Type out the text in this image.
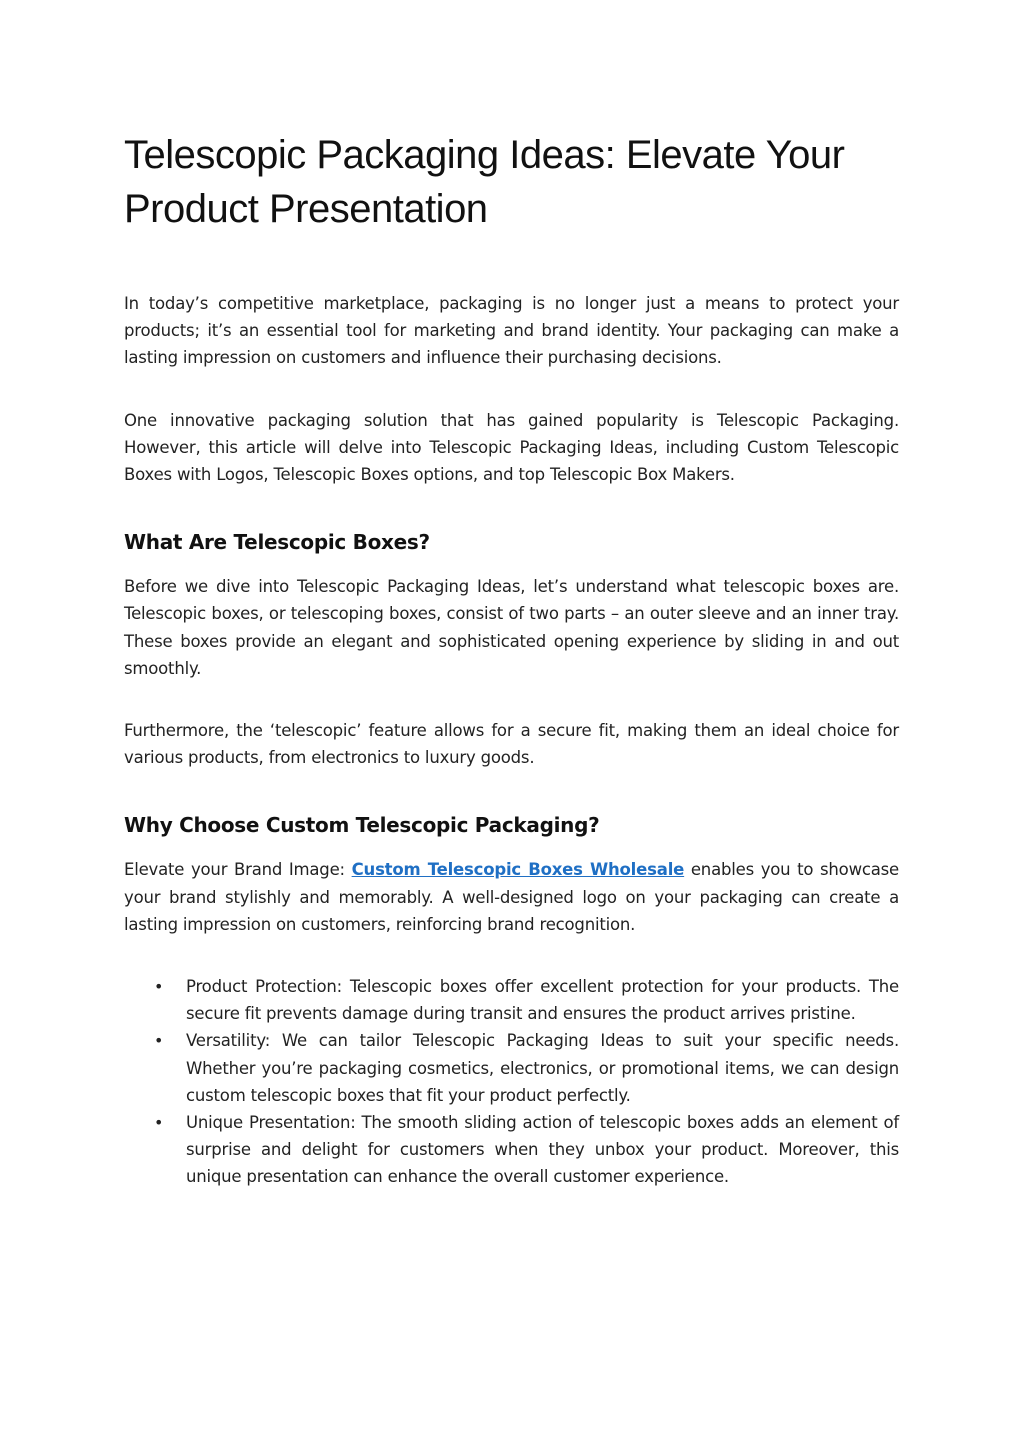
Telescopic Packaging Ideas: Elevate Your Product Presentation

In today’s competitive marketplace, packaging is no longer just a means to protect your products; it’s an essential tool for marketing and brand identity. Your packaging can make a lasting impression on customers and influence their purchasing decisions.

One innovative packaging solution that has gained popularity is Telescopic Packaging. However, this article will delve into Telescopic Packaging Ideas, including Custom Telescopic Boxes with Logos, Telescopic Boxes options, and top Telescopic Box Makers.

What Are Telescopic Boxes?

Before we dive into Telescopic Packaging Ideas, let’s understand what telescopic boxes are. Telescopic boxes, or telescoping boxes, consist of two parts – an outer sleeve and an inner tray. These boxes provide an elegant and sophisticated opening experience by sliding in and out smoothly.

Furthermore, the ‘telescopic’ feature allows for a secure fit, making them an ideal choice for various products, from electronics to luxury goods.

Why Choose Custom Telescopic Packaging?

Elevate your Brand Image: Custom Telescopic Boxes Wholesale enables you to showcase your brand stylishly and memorably. A well-designed logo on your packaging can create a lasting impression on customers, reinforcing brand recognition.

• Product Protection: Telescopic boxes offer excellent protection for your products. The secure fit prevents damage during transit and ensures the product arrives pristine.
• Versatility: We can tailor Telescopic Packaging Ideas to suit your specific needs. Whether you’re packaging cosmetics, electronics, or promotional items, we can design custom telescopic boxes that fit your product perfectly.
• Unique Presentation: The smooth sliding action of telescopic boxes adds an element of surprise and delight for customers when they unbox your product. Moreover, this unique presentation can enhance the overall customer experience.
